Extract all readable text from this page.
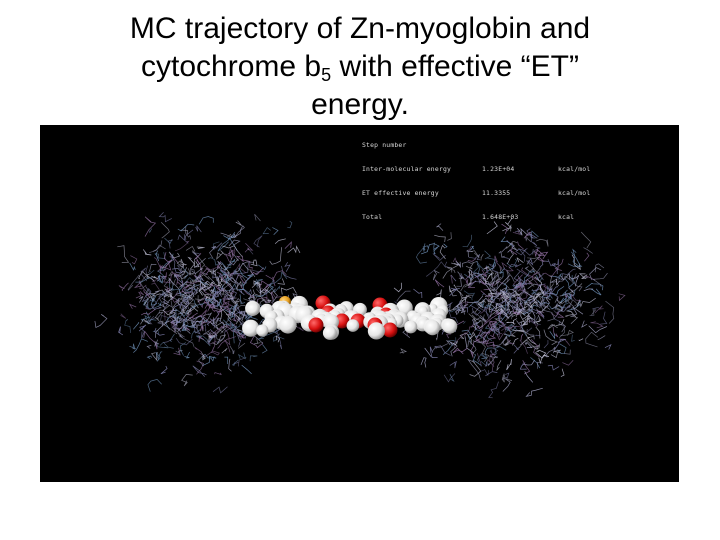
MC trajectory of Zn-myoglobin and
cytochrome $b_5$ with effective “ET”
energy.

Step number

Inter-molecular energy	1.23E+04	kcal/mol

ET effective energy	11.3355	kcal/mol

Total	1.648E+03	kcal
